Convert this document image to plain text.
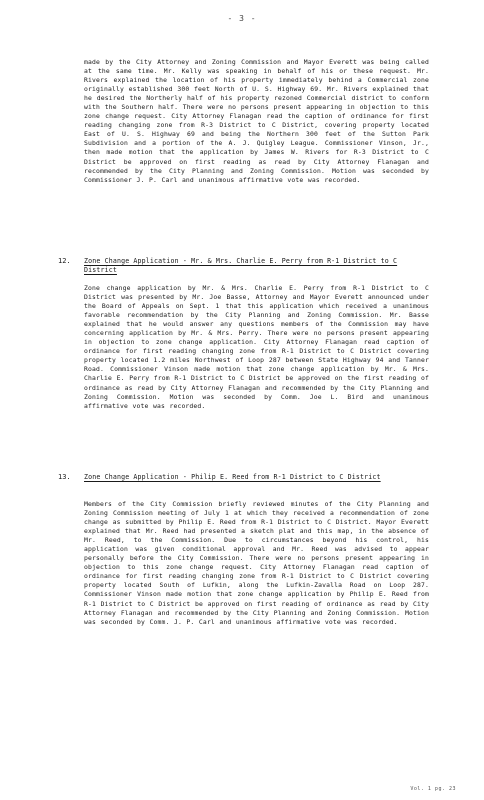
- 3 -
made by the City Attorney and Zoning Commission and Mayor Everett was being called at the same time. Mr. Kelly was speaking in behalf of his or these request. Mr. Rivers explained the location of his property immediately behind a Commercial zone originally established 300 feet North of U. S. Highway 69. Mr. Rivers explained that he desired the Northerly half of his property rezoned Commercial district to conform with the Southern half. There were no persons present appearing in objection to this zone change request. City Attorney Flanagan read the caption of ordinance for first reading changing zone from R-3 District to C District, covering property located East of U. S. Highway 69 and being the Northern 300 feet of the Sutton Park Subdivision and a portion of the A. J. Quigley League. Commissioner Vinson, Jr., then made motion that the application by James W. Rivers for R-3 District to C District be approved on first reading as read by City Attorney Flanagan and recommended by the City Planning and Zoning Commission. Motion was seconded by Commissioner J. P. Carl and unanimous affirmative vote was recorded.
12. Zone Change Application - Mr. & Mrs. Charlie E. Perry from R-1 District to C District
Zone change application by Mr. & Mrs. Charlie E. Perry from R-1 District to C District was presented by Mr. Joe Basse, Attorney and Mayor Everett announced under the Board of Appeals on Sept. 1 that this application which received a unanimous favorable recommendation by the City Planning and Zoning Commission. Mr. Basse explained that he would answer any questions members of the Commission may have concerning application by Mr. & Mrs. Perry. There were no persons present appearing in objection to zone change application. City Attorney Flanagan read caption of ordinance for first reading changing zone from R-1 District to C District covering property located 1.2 miles Northwest of Loop 287 between State Highway 94 and Tanner Road. Commissioner Vinson made motion that zone change application by Mr. & Mrs. Charlie E. Perry from R-1 District to C District be approved on the first reading of ordinance as read by City Attorney Flanagan and recommended by the City Planning and Zoning Commission. Motion was seconded by Comm. Joe L. Bird and unanimous affirmative vote was recorded.
13. Zone Change Application - Philip E. Reed from R-1 District to C District
Members of the City Commission briefly reviewed minutes of the City Planning and Zoning Commission meeting of July 1 at which they received a recommendation of zone change as submitted by Philip E. Reed from R-1 District to C District. Mayor Everett explained that Mr. Reed had presented a sketch plat and this map, in the absence of Mr. Reed, to the Commission. Due to circumstances beyond his control, his application was given conditional approval and Mr. Reed was advised to appear personally before the City Commission. There were no persons present appearing in objection to this zone change request. City Attorney Flanagan read caption of ordinance for first reading changing zone from R-1 District to C District covering property located South of Lufkin, along the Lufkin-Zavalla Road on Loop 287. Commissioner Vinson made motion that zone change application by Philip E. Reed from R-1 District to C District be approved on first reading of ordinance as read by City Attorney Flanagan and recommended by the City Planning and Zoning Commission. Motion was seconded by Comm. J. P. Carl and unanimous affirmative vote was recorded.
Vol. 1 pg. 23
